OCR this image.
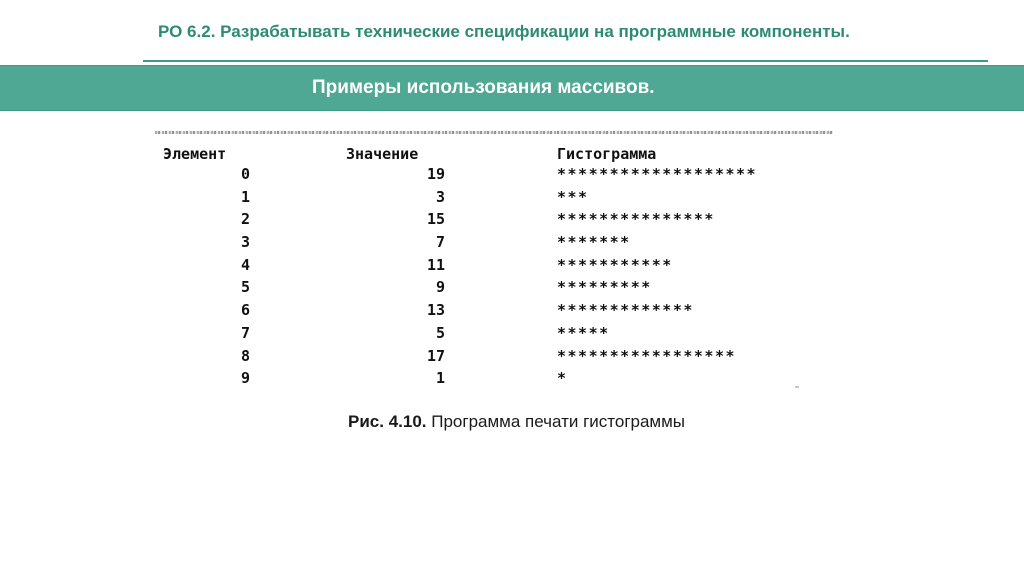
РО 6.2. Разрабатывать технические спецификации на программные компоненты.
Примеры использования массивов.
Элемент	Значение	Гистограмма
0	19	*******************
1	3	***
2	15	***************
3	7	*******
4	11	***********
5	9	*********
6	13	*************
7	5	*****
8	17	*****************
9	1	*
Рис. 4.10. Программа печати гистограммы
